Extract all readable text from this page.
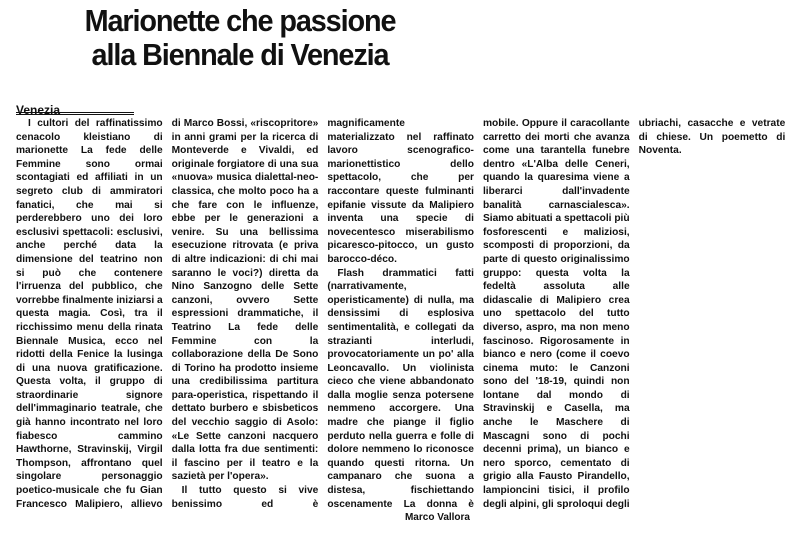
Marionette che passione
alla Biennale di Venezia
Venezia

I cultori del raffinatissimo cenacolo kleistiano di marionette La fede delle Femmine sono ormai scontagiati ed affiliati in un segreto club di ammiratori fanatici, che mai si perderebbero uno dei loro esclusivi spettacoli: esclusivi, anche perché data la dimensione del teatrino non si può che contenere l'irruenza del pubblico, che vorrebbe finalmente iniziarsi a questa magia. Così, tra il ricchissimo menu della rinata Biennale Musica, ecco nel ridotti della Fenice la lusinga di una nuova gratificazione. Questa volta, il gruppo di straordinarie signore dell'immaginario teatrale, che già hanno incontrato nel loro fiabesco cammino Hawthorne, Stravinskij, Virgil Thompson, affrontano quel singolare personaggio poetico-musicale che fu Gian Francesco Malipiero, allievo di Marco Bossi, «riscopritore» in anni grami per la ricerca di Monteverde e Vivaldi, ed originale forgiatore di una sua «nuova» musica dialettal-neo-classica, che molto poco ha a che fare con le influenze, ebbe per le generazioni a venire. Su una bellissima esecuzione ritrovata (e priva di altre indicazioni: di chi mai saranno le voci?) diretta da Nino Sanzogno delle Sette canzoni, ovvero Sette espressioni drammatiche, il Teatrino La fede delle Femmine con la collaborazione della De Sono di Torino ha prodotto insieme una credibilissima partitura para-operistica, rispettando il dettato burbero e sbisbeticos del vecchio saggio di Asolo: «Le Sette canzoni nacquero dalla lotta fra due sentimenti: il fascino per il teatro e la sazietà per l'opera».

Il tutto questo si vive benissimo ed è magnificamente materializzato nel raffinato lavoro scenografico-marionettistico dello spettacolo, che per raccontare queste fulminanti epifanie vissute da Malipiero inventa una specie di novecentesco miserabilismo picaresco-pitocco, un gusto barocco-déco.

Flash drammatici fatti (narrativamente, operisticamente) di nulla, ma densissimi di esplosiva sentimentalità, e collegati da strazianti interludi, provocatoriamente un po' alla Leoncavallo. Un violinista cieco che viene abbandonato dalla moglie senza potersene nemmeno accorgere. Una madre che piange il figlio perduto nella guerra e folle di dolore nemmeno lo riconosce quando questi ritorna. Un campanaro che suona a distesa, fischiettando oscenamente La donna è mobile. Oppure il caracollante carretto dei morti che avanza come una tarantella funebre dentro «L'Alba delle Ceneri, quando la quaresima viene a liberarci dall'invadente banalità carnascialesca». Siamo abituati a spettacoli più fosforescenti e maliziosi, scomposti di proporzioni, da parte di questo originalissimo gruppo: questa volta la fedeltà assoluta alle didascalie di Malipiero crea uno spettacolo del tutto diverso, aspro, ma non meno fascinoso. Rigorosamente in bianco e nero (come il coevo cinema muto: le Canzoni sono del '18-19, quindi non lontane dal mondo di Stravinskij e Casella, ma anche le Maschere di Mascagni sono di pochi decenni prima), un bianco e nero sporco, cementato di grigio alla Fausto Pirandello, lampioncini tisici, il profilo degli alpini, gli sproloqui degli ubriachi, casacche e vetrate di chiese. Un poemetto di Noventa.

Marco Vallora
